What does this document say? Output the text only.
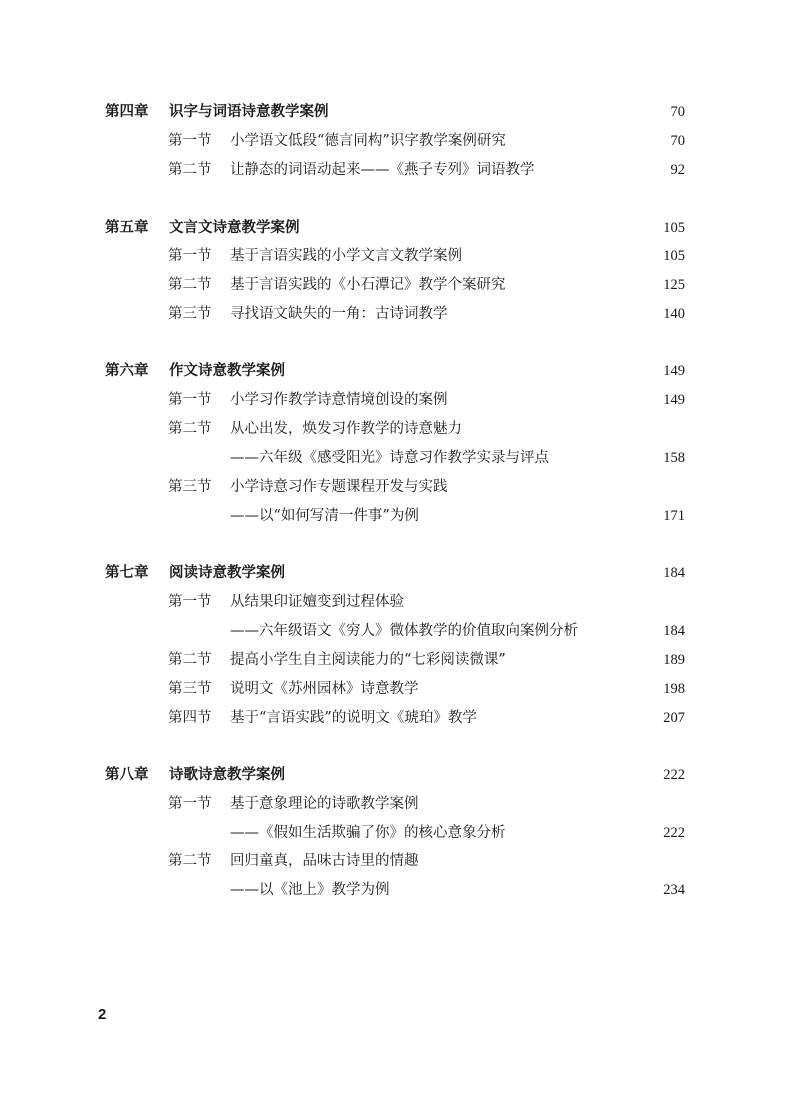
第四章 识字与词语诗意教学案例	70
第一节 小学语文低段“德言同构”识字教学案例研究	70
第二节 让静态的词语动起来——《燕子专列》词语教学	92
第五章 文言文诗意教学案例	105
第一节 基于言语实践的小学文言文教学案例	105
第二节 基于言语实践的《小石潭记》教学个案研究	125
第三节 寻找语文缺失的一角：古诗词教学	140
第六章 作文诗意教学案例	149
第一节 小学习作教学诗意情境创设的案例	149
第二节 从心出发，焕发习作教学的诗意魅力
——六年级《感受阳光》诗意习作教学实录与评点	158
第三节 小学诗意习作专题课程开发与实践
——以“如何写清一件事”为例	171
第七章 阅读诗意教学案例	184
第一节 从结果印证嬗变到过程体验
——六年级语文《穷人》微体教学的价值取向案例分析	184
第二节 提高小学生自主阅读能力的“七彩阅读微课”	189
第三节 说明文《苏州园林》诗意教学	198
第四节 基于“言语实践”的说明文《琥珀》教学	207
第八章 诗歌诗意教学案例	222
第一节 基于意象理论的诗歌教学案例
——《假如生活欺骗了你》的核心意象分析	222
第二节 回归童真，品味古诗里的情趣
——以《池上》教学为例	234
2
